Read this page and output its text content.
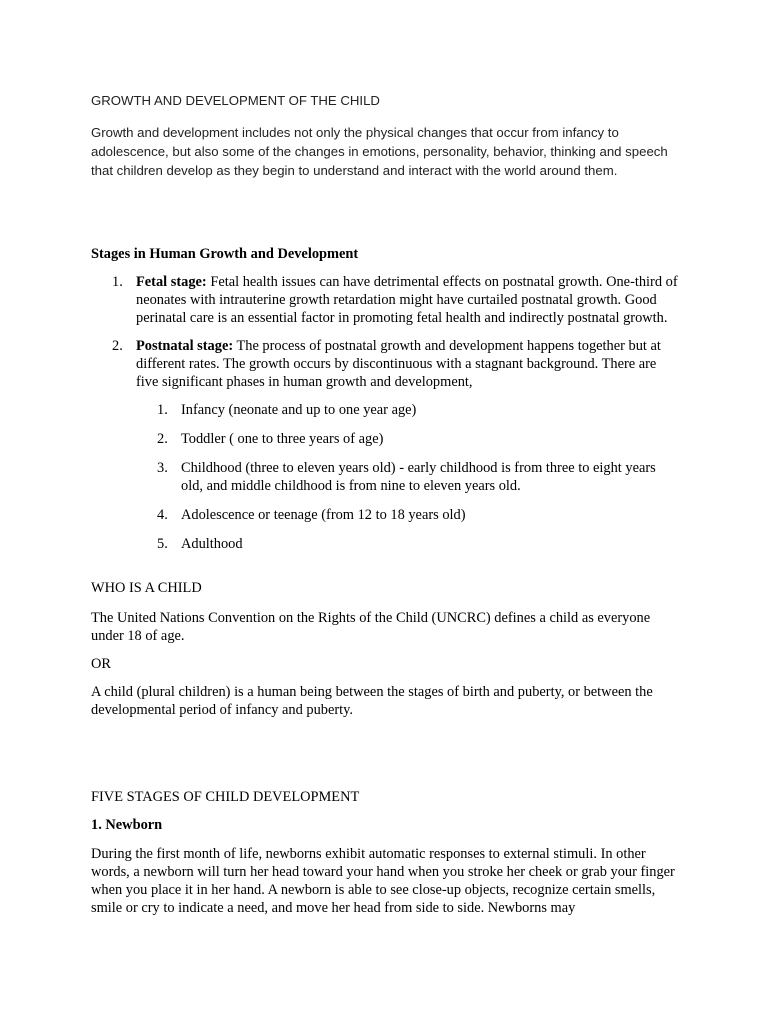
GROWTH AND DEVELOPMENT OF THE CHILD

Growth and development includes not only the physical changes that occur from infancy to adolescence, but also some of the changes in emotions, personality, behavior, thinking and speech that children develop as they begin to understand and interact with the world around them.

Stages in Human Growth and Development

1. Fetal stage: Fetal health issues can have detrimental effects on postnatal growth. One-third of neonates with intrauterine growth retardation might have curtailed postnatal growth. Good perinatal care is an essential factor in promoting fetal health and indirectly postnatal growth.
2. Postnatal stage: The process of postnatal growth and development happens together but at different rates. The growth occurs by discontinuous with a stagnant background. There are five significant phases in human growth and development,
1. Infancy (neonate and up to one year age)
2. Toddler ( one to three years of age)
3. Childhood (three to eleven years old) - early childhood is from three to eight years old, and middle childhood is from nine to eleven years old.
4. Adolescence or teenage (from 12 to 18 years old)
5. Adulthood

WHO IS A CHILD

The United Nations Convention on the Rights of the Child (UNCRC) defines a child as everyone under 18 of age.

OR

A child (plural children) is a human being between the stages of birth and puberty, or between the developmental period of infancy and puberty.

FIVE STAGES OF CHILD DEVELOPMENT

1. Newborn

During the first month of life, newborns exhibit automatic responses to external stimuli. In other words, a newborn will turn her head toward your hand when you stroke her cheek or grab your finger when you place it in her hand. A newborn is able to see close-up objects, recognize certain smells, smile or cry to indicate a need, and move her head from side to side. Newborns may
